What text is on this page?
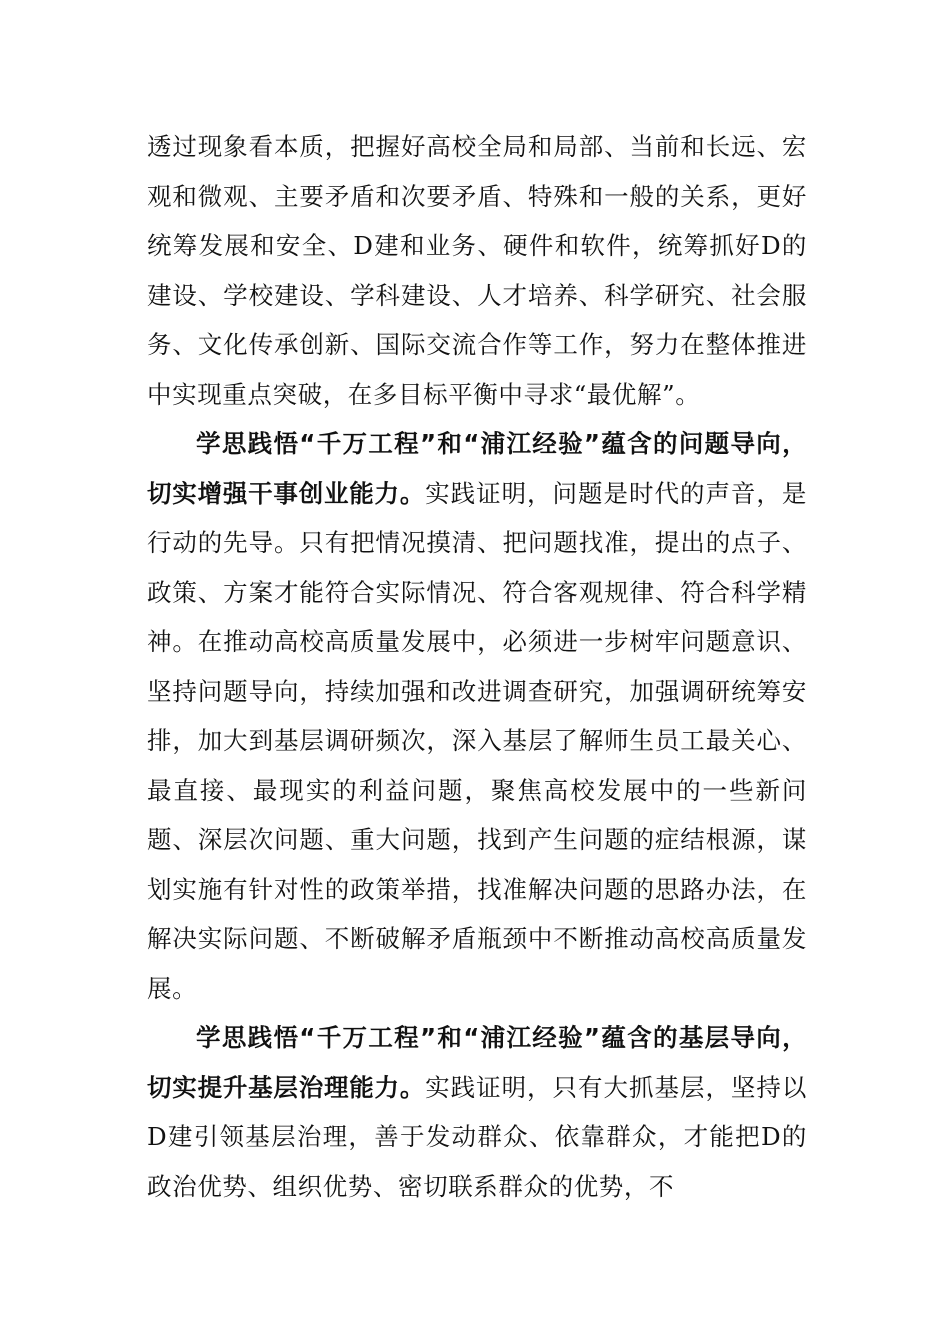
透过现象看本质，把握好高校全局和局部、当前和长远、宏观和微观、主要矛盾和次要矛盾、特殊和一般的关系，更好统筹发展和安全、D建和业务、硬件和软件，统筹抓好D的建设、学校建设、学科建设、人才培养、科学研究、社会服务、文化传承创新、国际交流合作等工作，努力在整体推进中实现重点突破，在多目标平衡中寻求“最优解”。

学思践悟“千万工程”和“浦江经验”蕴含的问题导向，切实增强干事创业能力。实践证明，问题是时代的声音，是行动的先导。只有把情况摸清、把问题找准，提出的点子、政策、方案才能符合实际情况、符合客观规律、符合科学精神。在推动高校高质量发展中，必须进一步树牢问题意识、坚持问题导向，持续加强和改进调查研究，加强调研统筹安排，加大到基层调研频次，深入基层了解师生员工最关心、最直接、最现实的利益问题，聚焦高校发展中的一些新问题、深层次问题、重大问题，找到产生问题的症结根源，谋划实施有针对性的政策举措，找准解决问题的思路办法，在解决实际问题、不断破解矛盾瓶颈中不断推动高校高质量发展。

学思践悟“千万工程”和“浦江经验”蕴含的基层导向，切实提升基层治理能力。实践证明，只有大抓基层，坚持以D建引领基层治理，善于发动群众、依靠群众，才能把D的政治优势、组织优势、密切联系群众的优势，不
